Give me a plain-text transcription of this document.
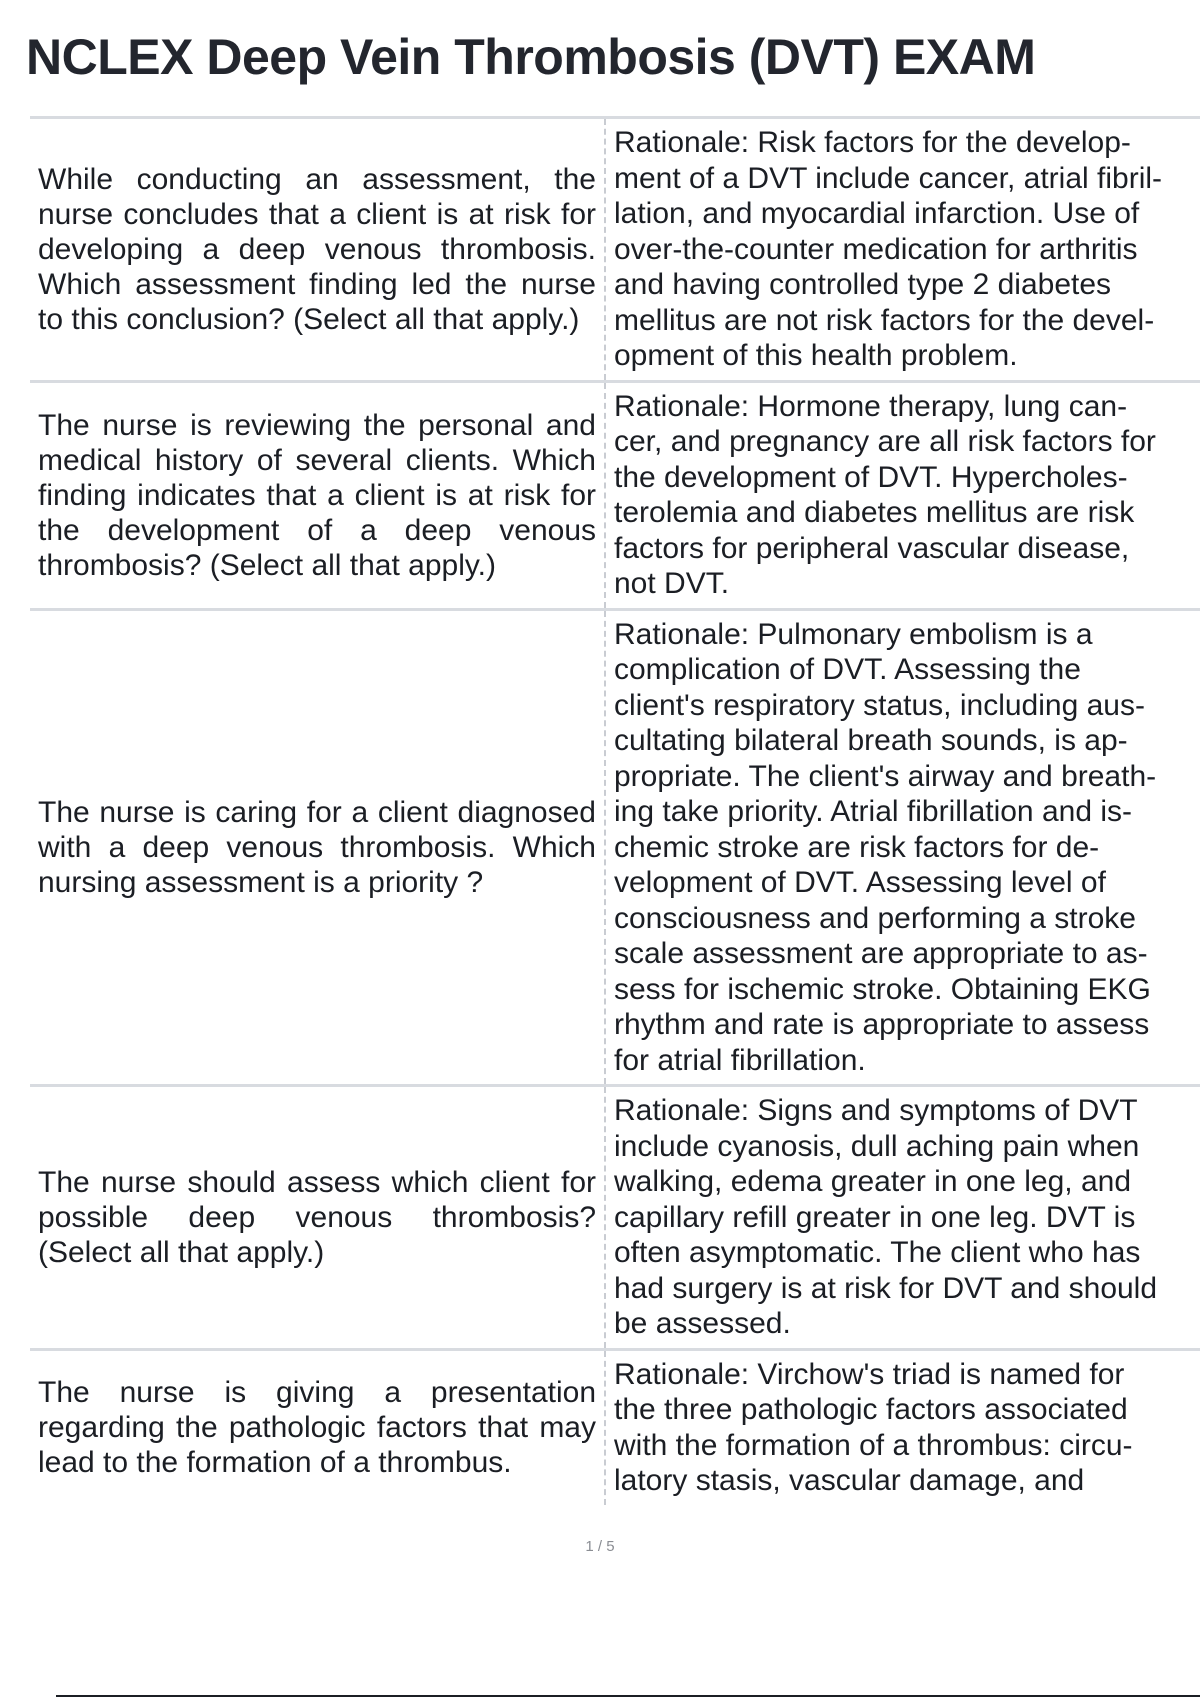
NCLEX Deep Vein Thrombosis (DVT) EXAM
While conducting an assessment, the nurse concludes that a client is at risk for developing a deep venous thrombosis. Which assessment finding led the nurse to this conclusion? (Select all that apply.)
Rationale: Risk factors for the develop-
ment of a DVT include cancer, atrial fibril-
lation, and myocardial infarction. Use of
over-the-counter medication for arthritis
and having controlled type 2 diabetes
mellitus are not risk factors for the devel-
opment of this health problem.
The nurse is reviewing the personal and medical history of several clients. Which finding indicates that a client is at risk for the development of a deep venous thrombosis? (Select all that apply.)
Rationale: Hormone therapy, lung can-
cer, and pregnancy are all risk factors for
the development of DVT. Hypercholes-
terolemia and diabetes mellitus are risk
factors for peripheral vascular disease,
not DVT.
The nurse is caring for a client diagnosed with a deep venous thrombosis. Which nursing assessment is a priority ?
Rationale: Pulmonary embolism is a
complication of DVT. Assessing the
client's respiratory status, including aus-
cultating bilateral breath sounds, is ap-
propriate. The client's airway and breath-
ing take priority. Atrial fibrillation and is-
chemic stroke are risk factors for de-
velopment of DVT. Assessing level of
consciousness and performing a stroke
scale assessment are appropriate to as-
sess for ischemic stroke. Obtaining EKG
rhythm and rate is appropriate to assess
for atrial fibrillation.
The nurse should assess which client for possible deep venous thrombosis? (Select all that apply.)
Rationale: Signs and symptoms of DVT
include cyanosis, dull aching pain when
walking, edema greater in one leg, and
capillary refill greater in one leg. DVT is
often asymptomatic. The client who has
had surgery is at risk for DVT and should
be assessed.
The nurse is giving a presentation regarding the pathologic factors that may lead to the formation of a thrombus.
Rationale: Virchow's triad is named for
the three pathologic factors associated
with the formation of a thrombus: circu-
latory stasis, vascular damage, and
1 / 5
